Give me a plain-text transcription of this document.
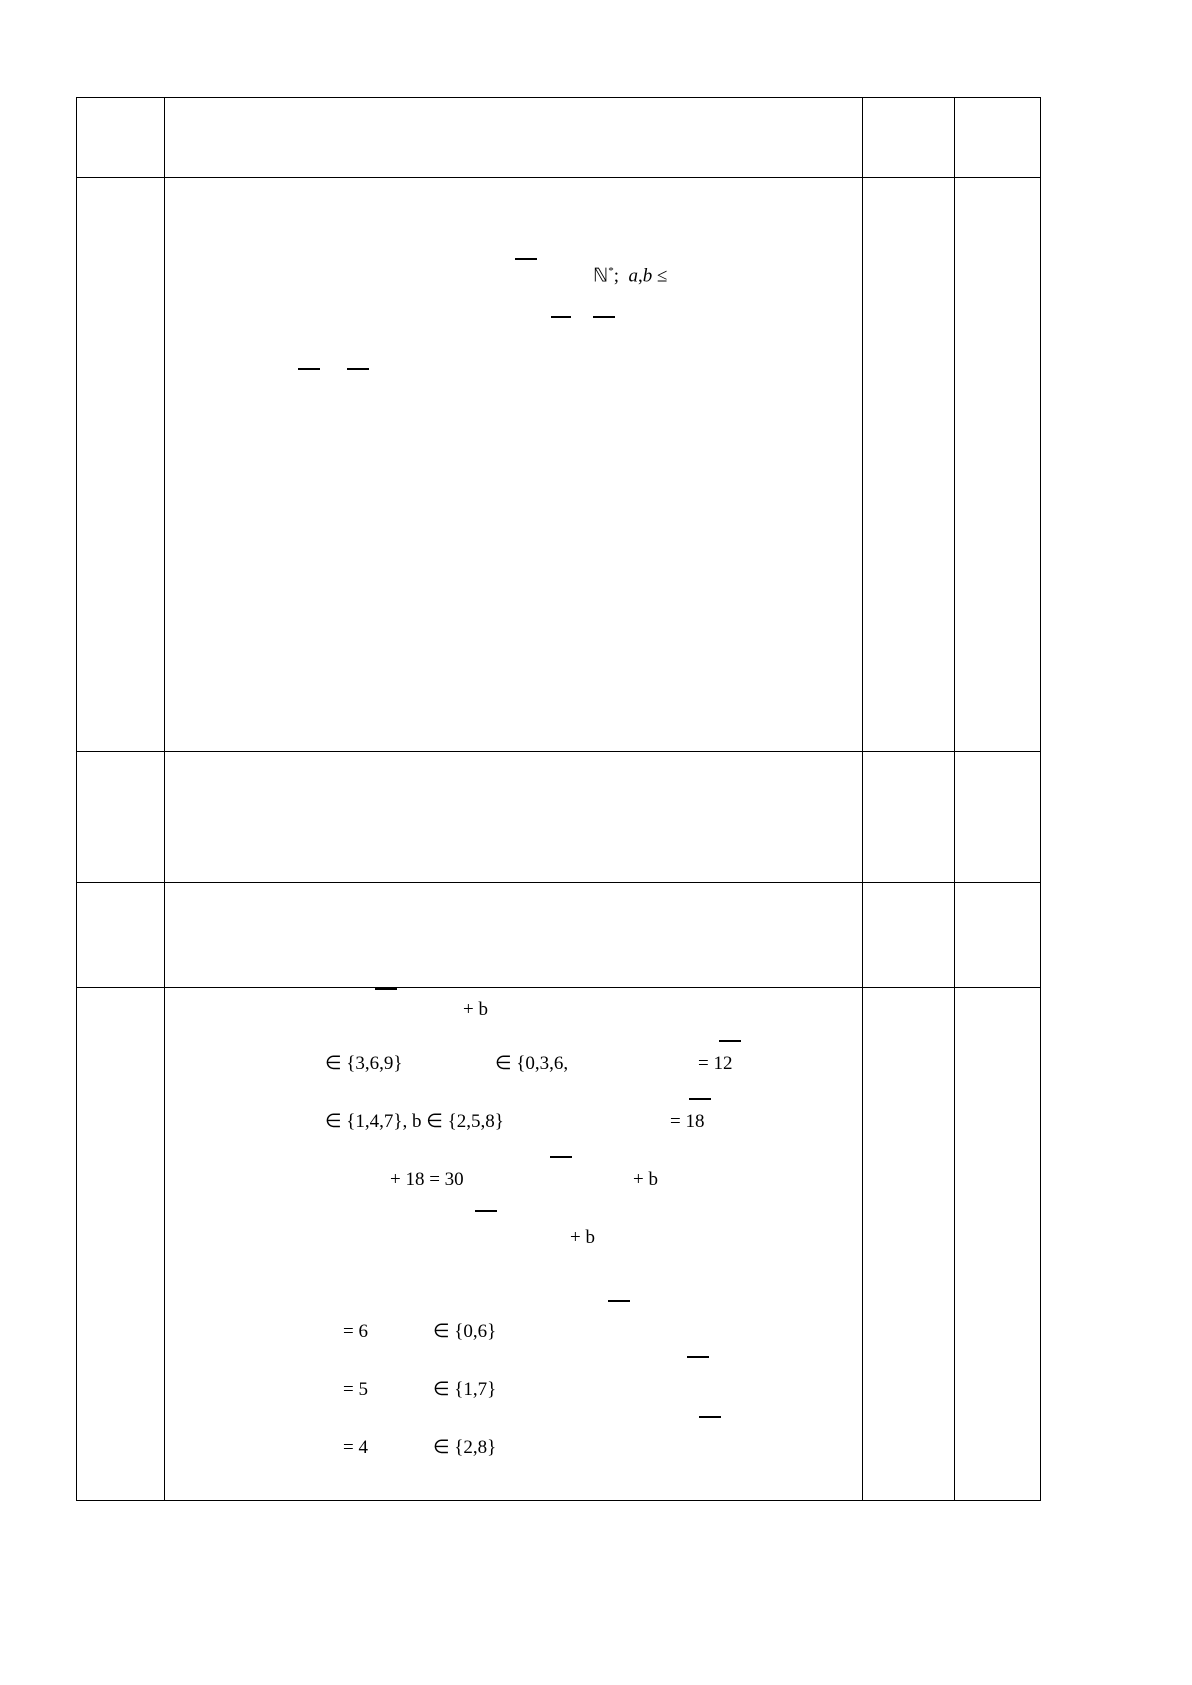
	ℕ*;  a,b ≤		

+ b
∈ {3,6,9}	∈ {0,3,6,	= 12
∈ {1,4,7}, b ∈ {2,5,8}	= 18
+ 18 = 30	+ b
+ b
= 6	∈ {0,6}
= 5	∈ {1,7}
= 4	∈ {2,8}
